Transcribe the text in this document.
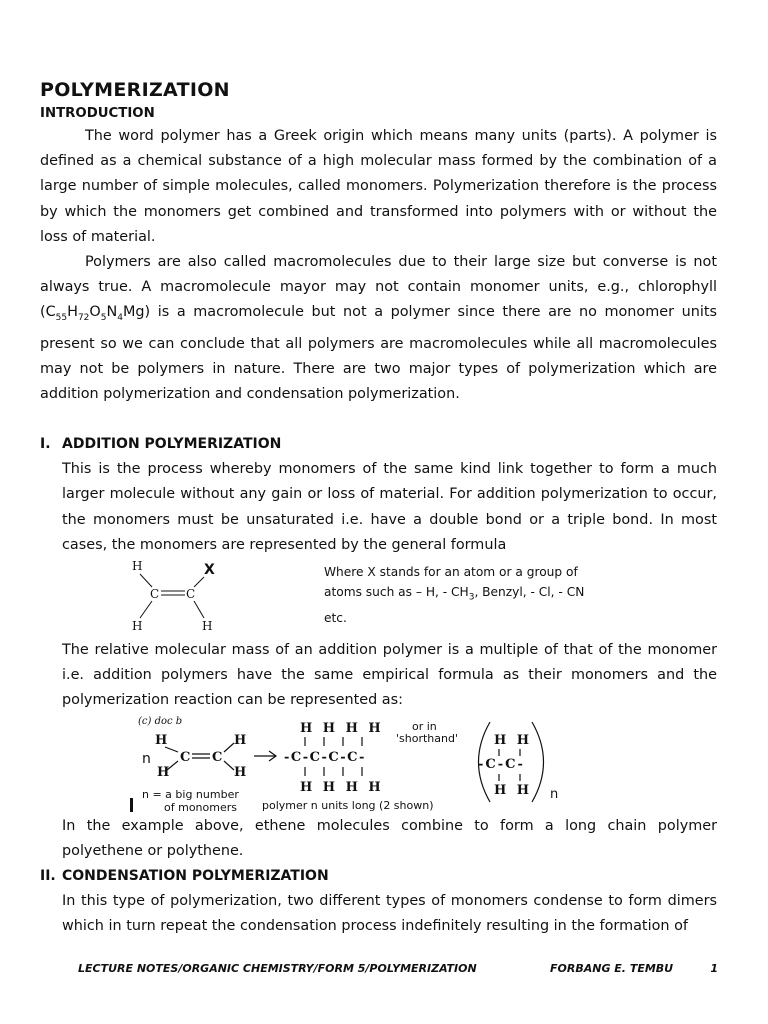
POLYMERIZATION
INTRODUCTION

The word polymer has a Greek origin which means many units (parts). A polymer is defined as a chemical substance of a high molecular mass formed by the combination of a large number of simple molecules, called monomers. Polymerization therefore is the process by which the monomers get combined and transformed into polymers with or without the loss of material.

Polymers are also called macromolecules due to their large size but converse is not always true. A macromolecule mayor may not contain monomer units, e.g., chlorophyll $(C_{55}H_{72}O_5N_4Mg)$ is a macromolecule but not a polymer since there are no monomer units present so we can conclude that all polymers are macromolecules while all macromolecules may not be polymers in nature. There are two major types of polymerization which are addition polymerization and condensation polymerization.

I. ADDITION POLYMERIZATION

This is the process whereby monomers of the same kind link together to form a much larger molecule without any gain or loss of material. For addition polymerization to occur, the monomers must be unsaturated i.e. have a double bond or a triple bond. In most cases, the monomers are represented by the general formula

H	X
C C
H	H
Where X stands for an atom or a group of atoms such as – H, - $CH_3$, Benzyl, - Cl, - CN etc.

The relative molecular mass of an addition polymer is a multiple of that of the monomer i.e. addition polymers have the same empirical formula as their monomers and the polymerization reaction can be represented as:

(c) doc b
H	H
C C
H	H
H H H H
-C-C-C-C-
H H H H
H H
-C-C-
H H
n
or in
'shorthand'
n
n = a big number
of monomers polymer n units long (2 shown)

In the example above, ethene molecules combine to form a long chain polymer polyethene or polythene.

II. CONDENSATION POLYMERIZATION

In this type of polymerization, two different types of monomers condense to form dimers which in turn repeat the condensation process indefinitely resulting in the formation of

LECTURE NOTES/ORGANIC CHEMISTRY/FORM 5/POLYMERIZATION	FORBANG E. TEMBU	1
